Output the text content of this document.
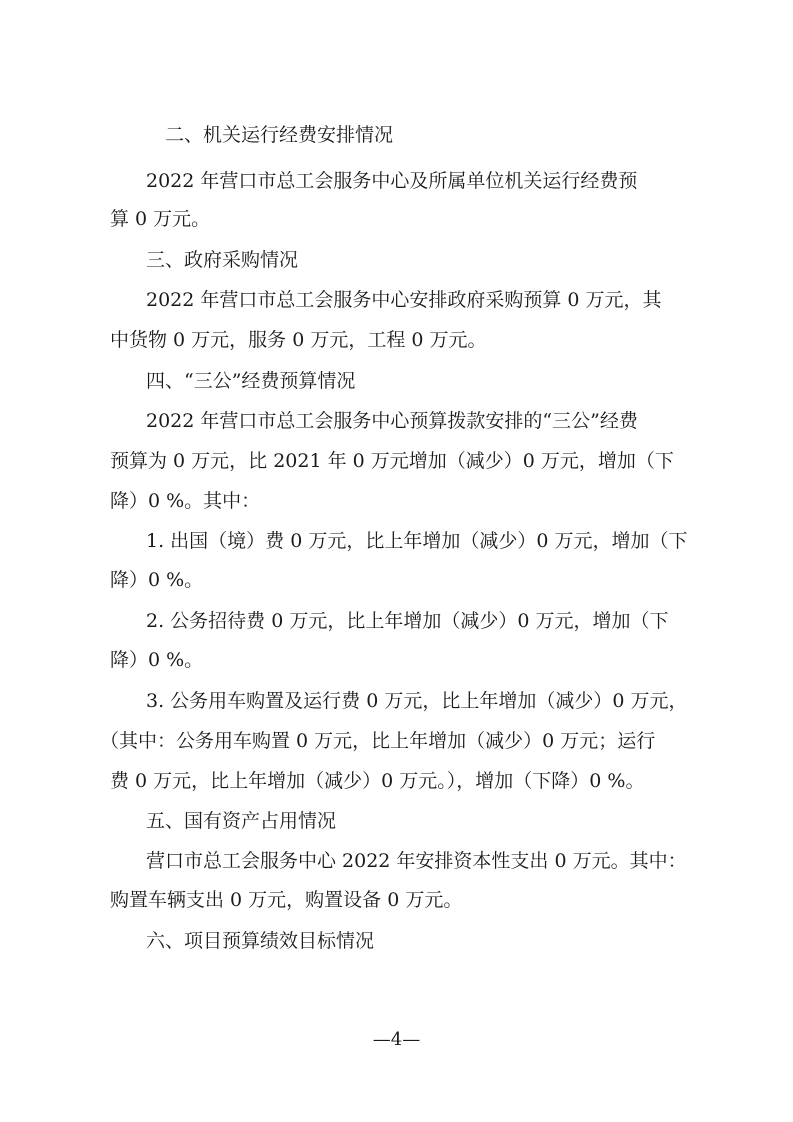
二、机关运行经费安排情况
2022 年营口市总工会服务中心及所属单位机关运行经费预
算 0 万元。
三、政府采购情况
2022 年营口市总工会服务中心安排政府采购预算 0 万元，其
中货物 0 万元，服务 0 万元，工程 0 万元。
四、“三公”经费预算情况
2022 年营口市总工会服务中心预算拨款安排的“三公”经费
预算为 0 万元，比 2021 年 0 万元增加（减少）0 万元，增加（下
降）0 %。其中：
1. 出国（境）费 0 万元，比上年增加（减少）0 万元，增加（下
降）0 %。
2. 公务招待费 0 万元，比上年增加（减少）0 万元，增加（下
降）0 %。
3. 公务用车购置及运行费 0 万元，比上年增加（减少）0 万元，
（其中：公务用车购置 0 万元，比上年增加（减少）0 万元；运行
费 0 万元，比上年增加（减少）0 万元。），增加（下降）0 %。
五、国有资产占用情况
营口市总工会服务中心 2022 年安排资本性支出 0 万元。其中：
购置车辆支出 0 万元，购置设备 0 万元。
六、项目预算绩效目标情况
—4—
